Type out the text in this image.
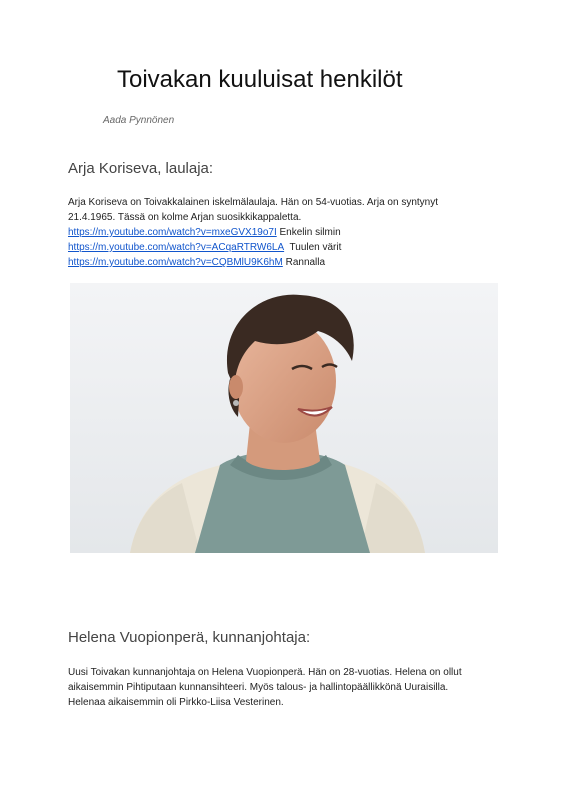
Toivakan kuuluisat henkilöt
Aada Pynnönen
Arja Koriseva, laulaja:

Arja Koriseva on Toivakkalainen iskelmälaulaja. Hän on 54-vuotias. Arja on syntynyt

21.4.1965. Tässä on kolme Arjan suosikkikappaletta.

https://m.youtube.com/watch?v=mxeGVX19o7I Enkelin silmin

https://m.youtube.com/watch?v=ACqaRTRW6LA Tuulen värit

https://m.youtube.com/watch?v=CQBMlU9K6hM Rannalla

Helena Vuopionperä, kunnanjohtaja:

Uusi Toivakan kunnanjohtaja on Helena Vuopionperä. Hän on 28-vuotias. Helena on ollut

aikaisemmin Pihtiputaan kunnansihteeri. Myös talous- ja hallintopäällikkönä Uuraisilla.

Helenaa aikaisemmin oli Pirkko-Liisa Vesterinen.
